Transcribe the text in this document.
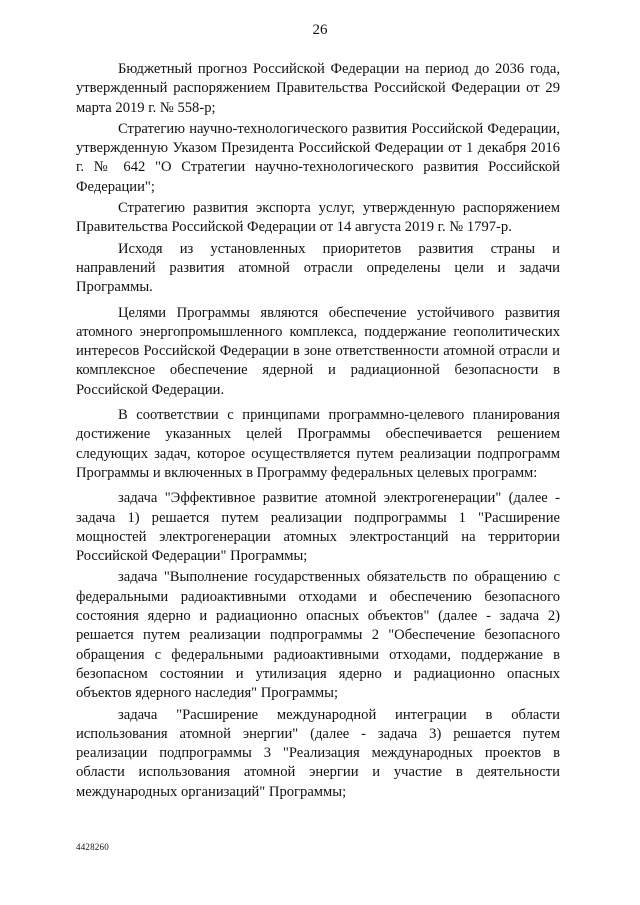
26

Бюджетный прогноз Российской Федерации на период до 2036 года, утвержденный распоряжением Правительства Российской Федерации от 29 марта 2019 г. № 558-р;

Стратегию научно-технологического развития Российской Федерации, утвержденную Указом Президента Российской Федерации от 1 декабря 2016 г. № 642 "О Стратегии научно-технологического развития Российской Федерации";

Стратегию развития экспорта услуг, утвержденную распоряжением Правительства Российской Федерации от 14 августа 2019 г. № 1797-р.

Исходя из установленных приоритетов развития страны и направлений развития атомной отрасли определены цели и задачи Программы.

Целями Программы являются обеспечение устойчивого развития атомного энергопромышленного комплекса, поддержание геополитических интересов Российской Федерации в зоне ответственности атомной отрасли и комплексное обеспечение ядерной и радиационной безопасности в Российской Федерации.

В соответствии с принципами программно-целевого планирования достижение указанных целей Программы обеспечивается решением следующих задач, которое осуществляется путем реализации подпрограмм Программы и включенных в Программу федеральных целевых программ:

задача "Эффективное развитие атомной электрогенерации" (далее - задача 1) решается путем реализации подпрограммы 1 "Расширение мощностей электрогенерации атомных электростанций на территории Российской Федерации" Программы;

задача "Выполнение государственных обязательств по обращению с федеральными радиоактивными отходами и обеспечению безопасного состояния ядерно и радиационно опасных объектов" (далее - задача 2) решается путем реализации подпрограммы 2 "Обеспечение безопасного обращения с федеральными радиоактивными отходами, поддержание в безопасном состоянии и утилизация ядерно и радиационно опасных объектов ядерного наследия" Программы;

задача "Расширение международной интеграции в области использования атомной энергии" (далее - задача 3) решается путем реализации подпрограммы 3 "Реализация международных проектов в области использования атомной энергии и участие в деятельности международных организаций" Программы;

4428260
